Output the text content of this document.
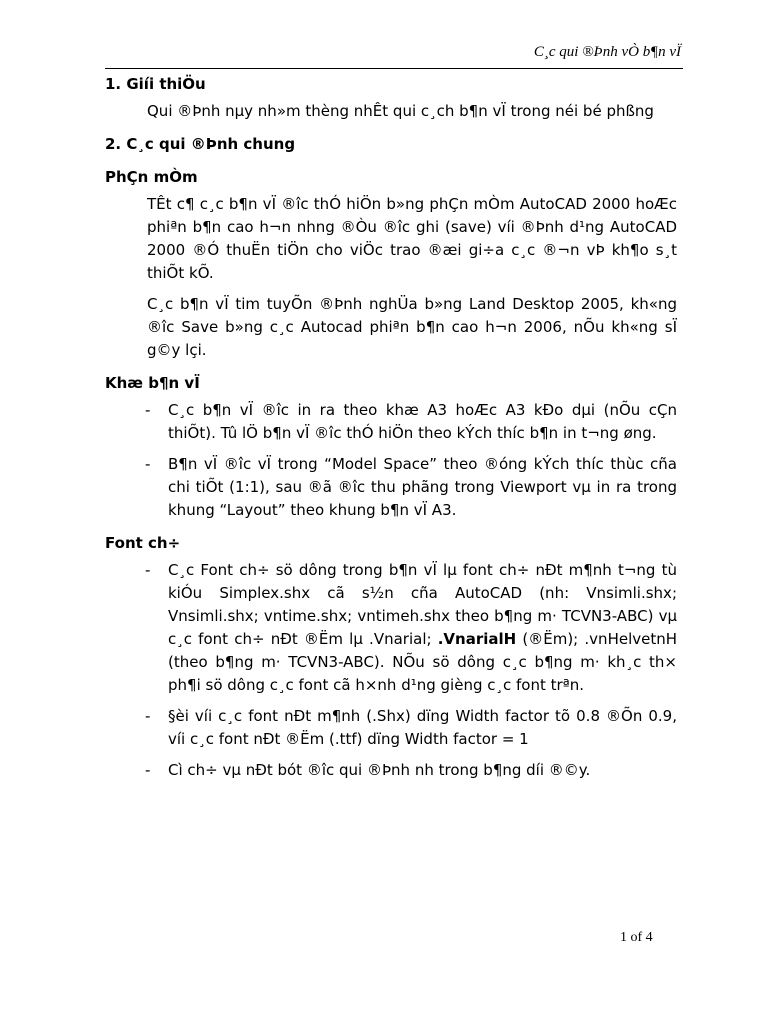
C¸c qui ®Þnh vÒ b¶n vÏ

1. Giíi thiÖu

Qui ®Þnh nµy nh»m thèng nhÊt qui c¸ch b¶n vÏ trong néi bé phßng

2. C¸c qui ®Þnh chung

PhÇn mÒm

TÊt c¶ c¸c b¶n vÏ ®îc thÓ hiÖn b»ng phÇn mÒm AutoCAD 2000 hoÆc phiªn b¶n cao h¬n nhng ®Òu ®îc ghi (save) víi ®Þnh d¹ng AutoCAD 2000 ®Ó thuËn tiÖn cho viÖc trao ®æi gi÷a c¸c ®¬n vÞ kh¶o s¸t thiÕt kÕ.

C¸c b¶n vÏ tim tuyÕn ®Þnh nghÜa b»ng Land Desktop 2005, kh«ng ®îc Save b»ng c¸c Autocad phiªn b¶n cao h¬n 2006, nÕu kh«ng sÏ g©y lçi.

Khæ b¶n vÏ

- C¸c b¶n vÏ ®îc in ra theo khæ A3 hoÆc A3 kÐo dµi (nÕu cÇn thiÕt). Tû lÖ b¶n vÏ ®îc thÓ hiÖn theo kÝch thíc b¶n in t¬ng øng.
- B¶n vÏ ®îc vÏ trong “Model Space” theo ®óng kÝch thíc thùc cña chi tiÕt (1:1), sau ®ã ®îc thu phãng trong Viewport vµ in ra trong khung “Layout” theo khung b¶n vÏ A3.

Font ch÷

- C¸c Font ch÷ sö dông trong b¶n vÏ lµ font ch÷ nÐt m¶nh t¬ng tù kiÓu Simplex.shx cã s½n cña AutoCAD (nh: Vnsimli.shx; Vnsimli.shx; vntime.shx; vntimeh.shx theo b¶ng m· TCVN3-ABC) vµ c¸c font ch÷ nÐt ®Ëm lµ .Vnarial; .VnarialH (®Ëm); .vnHelvetnH (theo b¶ng m· TCVN3-ABC). NÕu sö dông c¸c b¶ng m· kh¸c th× ph¶i sö dông c¸c font cã h×nh d¹ng gièng c¸c font trªn.
- §èi víi c¸c font nÐt m¶nh (.Shx) dïng Width factor tõ 0.8 ®Õn 0.9, víi c¸c font nÐt ®Ëm (.ttf) dïng Width factor = 1
- Cì ch÷ vµ nÐt bót ®îc qui ®Þnh nh trong b¶ng díi ®©y.
1 of 4
